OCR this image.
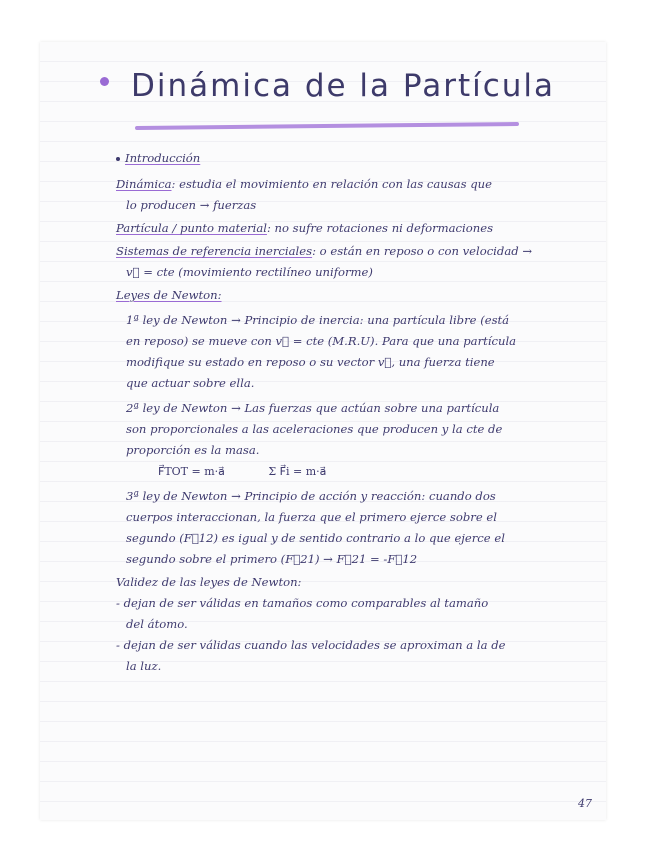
Dinámica de la Partícula
Introducción

Dinámica: estudia el movimiento en relación con las causas que

lo producen → fuerzas

Partícula / punto material: no sufre rotaciones ni deformaciones

Sistemas de referencia inerciales: o están en reposo o con velocidad →

v⃗ = cte (movimiento rectilíneo uniforme)

Leyes de Newton:

1ª ley de Newton → Principio de inercia: una partícula libre (está

en reposo) se mueve con v⃗ = cte (M.R.U). Para que una partícula

modifique su estado en reposo o su vector v⃗, una fuerza tiene

que actuar sobre ella.

2ª ley de Newton → Las fuerzas que actúan sobre una partícula

son proporcionales a las aceleraciones que producen y la cte de

proporción es la masa.

F⃗TOT = m·a⃗	Σ F⃗i = m·a⃗

3ª ley de Newton → Principio de acción y reacción: cuando dos

cuerpos interaccionan, la fuerza que el primero ejerce sobre el

segundo (F⃗12) es igual y de sentido contrario a lo que ejerce el

segundo sobre el primero (F⃗21) → F⃗21 = -F⃗12

Validez de las leyes de Newton:

- dejan de ser válidas en tamaños como comparables al tamaño

del átomo.

- dejan de ser válidas cuando las velocidades se aproximan a la de

la luz.

47
